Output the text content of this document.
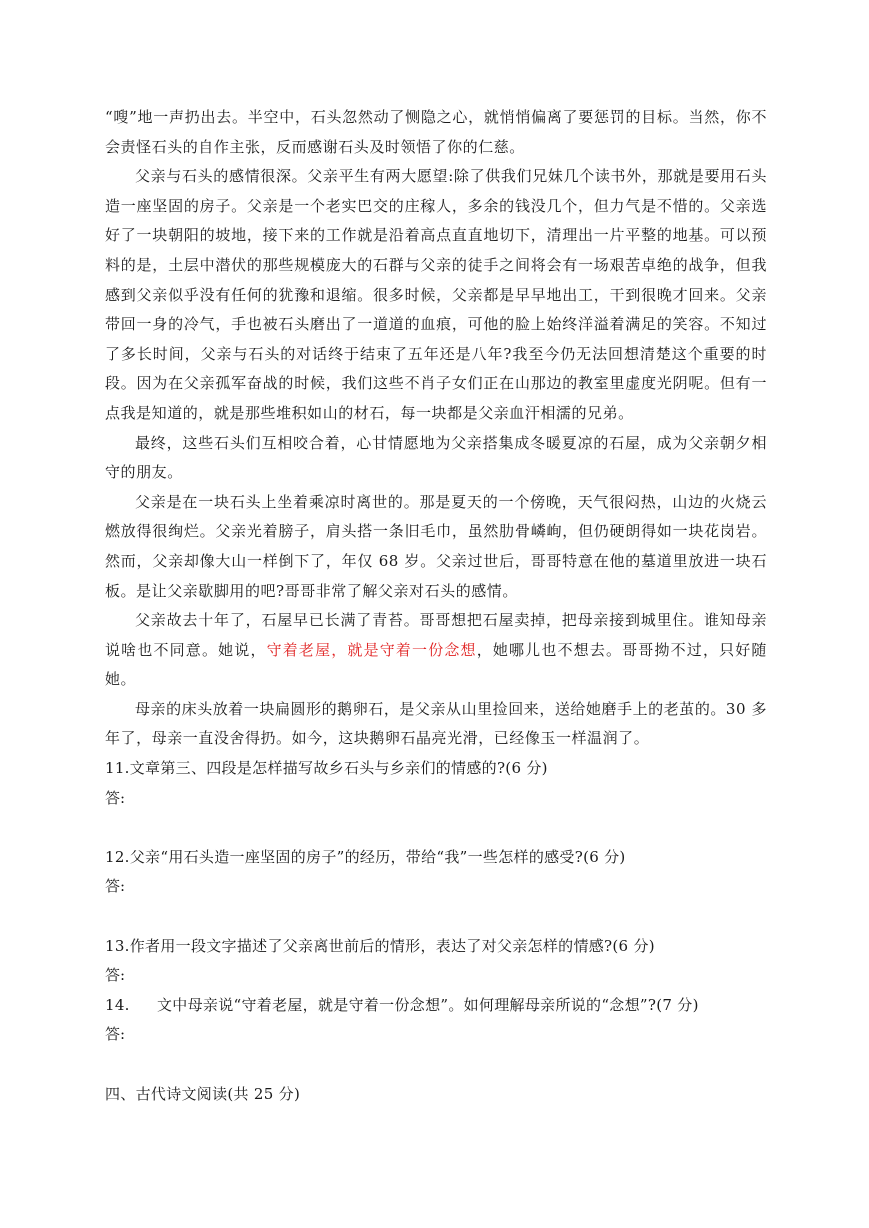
“嗖”地一声扔出去。半空中，石头忽然动了恻隐之心，就悄悄偏离了要惩罚的目标。当然，你不会责怪石头的自作主张，反而感谢石头及时领悟了你的仁慈。

父亲与石头的感情很深。父亲平生有两大愿望:除了供我们兄妹几个读书外，那就是要用石头造一座坚固的房子。父亲是一个老实巴交的庄稼人，多余的钱没几个，但力气是不惜的。父亲选好了一块朝阳的坡地，接下来的工作就是沿着高点直直地切下，清理出一片平整的地基。可以预料的是，土层中潜伏的那些规模庞大的石群与父亲的徒手之间将会有一场艰苦卓绝的战争，但我感到父亲似乎没有任何的犹豫和退缩。很多时候，父亲都是早早地出工，干到很晚才回来。父亲带回一身的冷气，手也被石头磨出了一道道的血痕，可他的脸上始终洋溢着满足的笑容。不知过了多长时间，父亲与石头的对话终于结束了五年还是八年?我至今仍无法回想清楚这个重要的时段。因为在父亲孤军奋战的时候，我们这些不肖子女们正在山那边的教室里虚度光阴呢。但有一点我是知道的，就是那些堆积如山的材石，每一块都是父亲血汗相濡的兄弟。

最终，这些石头们互相咬合着，心甘情愿地为父亲搭集成冬暖夏凉的石屋，成为父亲朝夕相守的朋友。

父亲是在一块石头上坐着乘凉时离世的。那是夏天的一个傍晚，天气很闷热，山边的火烧云燃放得很绚烂。父亲光着膀子，肩头搭一条旧毛巾，虽然肋骨嶙峋，但仍硬朗得如一块花岗岩。然而，父亲却像大山一样倒下了，年仅 68 岁。父亲过世后，哥哥特意在他的墓道里放进一块石板。是让父亲歇脚用的吧?哥哥非常了解父亲对石头的感情。

父亲故去十年了，石屋早已长满了青苔。哥哥想把石屋卖掉，把母亲接到城里住。谁知母亲说啥也不同意。她说，守着老屋，就是守着一份念想，她哪儿也不想去。哥哥拗不过，只好随她。

母亲的床头放着一块扁圆形的鹅卵石，是父亲从山里捡回来，送给她磨手上的老茧的。30 多年了，母亲一直没舍得扔。如今，这块鹅卵石晶亮光滑，已经像玉一样温润了。

11.文章第三、四段是怎样描写故乡石头与乡亲们的情感的?(6 分)

答:

12.父亲“用石头造一座坚固的房子”的经历，带给“我”一些怎样的感受?(6 分)

答:

13.作者用一段文字描述了父亲离世前后的情形，表达了对父亲怎样的情感?(6 分)

答:

14.	文中母亲说“守着老屋，就是守着一份念想”。如何理解母亲所说的“念想”?(7 分)

答:

四、古代诗文阅读(共 25 分)
